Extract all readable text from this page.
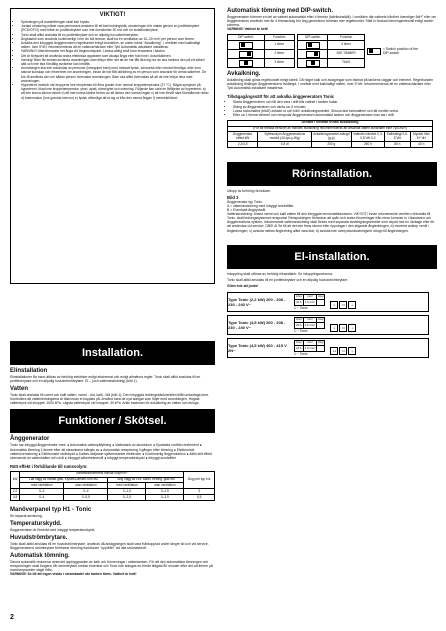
VIKTIGT!
• Spänningen på motarfetringen skall inte brytas.
• Jordad utrustning måste vara permanent ansluten till ett fast ledningsnät; utrustningen bör matas genom en jordfelsbrytare (RCD/GFCI) med både en jordfelsbrytare som inte överskrider 30 mA och en isolationsbrytare.
• Tonic skall alltid anslutas till en jordfelsbrytare och en allpolig huvudströmbrytare.
• Ångbastuh som används kontinuerligt i mer än två timmar, skall ha en ventilation av 10–20 m³/h per person som timme.
• Avkalka den inbyggda ånggeneratorn regelbundet enligt instruktion, se under rubrik "Avkalkning", i området med kalkhaltigt vatten, över 5°dH, rekommenderas att en vattenavhärdare eller Tylö Automatisk avkalkare installeras.
• VARNING! Utströmmande het ånga vid ångmunstycket. Lämna aldrig små barn ensamma i bastun.
• Det är förbjudet att använda andra elektriska apparater som akuaja ånga eller fukt inne i duschkabinen.
• Varning! Barn får endast använda anordningen utan tillsyn efter det att de har fått lära sig hur de ska hantera den på ett säkert sätt och inte fara förstålig avvikelse kan inträffa.
• Anordningen ska inte användas av personer (inbegripet barn) med nedsatt fysisk, sensorisk eller mental förmåga, eller som saknar kunskap och erfarenhet om anordningen, innan de har fått utbildning av en person som ansvarar för deras säkerhet. De bör få använda den om sådan person övervakar anordningen. Barn ska alltid övervakas så att de inte börjar leka med anordningen.
• Hypertermi innebär när kroppens inre temperatur bli flera grader över normal kroppstemperatur (37 °C). Några symptom på hypertermi: ökad inre kroppstemperatur, yrsel, apati, sömnighet och svimning. Följande kan vara en åtföljelse av hypertermi: a) att inte kunna känna värme b) att inte kunna känna behov av att lämna den varma lingan c) att inte förstå nära förestående risker d) fostermakor (hos gravida kvinnor) e) fysisk oförmåga att ta sig ut från den varma ångan f) medvetslöshet.
Installation.
Elinstallation

Elinstallationer får bara utföras av behörig elektriker enligt elschemat och enligt allmänna regler. Tonic skall alltid anslutas till en jordfelsbrytare och en allpolig huvudströmbrytare. El – (och vattenanslutning) (bild 1).

Vatten

Tonic skall anslutas till varmt och kallt vatten, varmt - röd, kallt - blå (bild 1). Den inbyggda ledningsbäckventilen tillåt undantaga form. Kontrollera att vattenledningarna är täta innan el kopplas på. Använd bara de nya slangar som följer med anordningen. Högsta vattentryck vid inloppet: 1000 kPa. Lägsta vattentryck vid inloppet: 30 kPa. Antis backman för avkalkning av vatten och avlopp.

Funktioner / Skötsel.
Ånggenerator

Tonic har inbyggd ånggenerator med: ● Automatisk vattenpåfyllning ● Vattentank av aluminium ● Syrafasta rostfria rörelement ● Automatisk tömning 1 timme efter att steamband stängts av ● Automatisk reseptering 4 gånger efter tömning ● Elektroniskt vattenövervakning ● Elektroniskt nivåskydd ● Kalkav-skiljande självrensande elektroder ● Kontinuerlig ångproduktion ● Alltid stilt effekt oberoende av vattenhalten och nivå ● Inbyggd säkerhetsventil ● Inbyggt temperaturskydd ● Inbyggt smutsfilter

Rätt effekt i förhållande till rumsvolym:
kW	Steambadrummets minsta volym m³				Ång prel kgr h/s
	Lätt vägg av härdat glas, Elysee/Daniem-rum etc.		Tung vägg av t.ex. kakel, betong, glas etc.		
	med ventilation	utan ventilation	med ventilation	utan ventilation	
2,2	0–3	0–4	0–1,5	0–2,5	3
4,5	0–4	0–5,5	0–2,5	0–3,5	5,5
Manöverpanel typ H1 - Tonic

Se separat anvisning.

Temperaturskydd.

Ånggeneratorn är försedd med inbyggt temperaturskydd.

Huvudströmbrytare.

Tonic skall alltid anslutas till en huvudströmbrytare, används då anläggningen skall vara frånkopplad under längre tid och vid service. Ånggeneratorns strömbrytare förhindrar tömning funktionen "uppifrån" vid alla strömavbrott.

Automatisk tömning.

Denna automatik reducerar avsevärt uppbyggnaden av kalk och föroreningar i vattentanken. För att den automatiska tömningen och renspolningen skall fungera, får strömbrytare mellan eluentral och Tonic inte stängas av förrän tidigast 80 minuter efter det att timern på manöverpanelen slagit ifrån.

VARNING! Se till att ingen vistas i steambadet när tanken töms. Vattnet är hett!

Automatisk tömning med DIP-switch.

Ånggeneratorn tömmer en del av vattnet automatiskt efter 4 timmar (fabriksinställt). I områden där vattnets hårdhet överstiger 5dH° eller om ånggeneratorn används mer än 4 timmar/dag bör ång-generatorn tömmas mer regelbundet. Ställ in önskad tömningsintervall enligt switch schema.

VARNING! Vattnet är hett!

DIP-switch	Function

	1 timer

	2 timer

	3 timer
DIP-switch	Function

	4 timer

	NIO TIMMER

	TAUS
= Switch position of the DIP-switch
Avkalkning.

Avkalkning skall göras regelbundet enligt tabell. Då högre kalk och avlagringar som fastnat på tankens väggar och element. Regelbunden avkalkning förlänger ånggeneratorns livslängd. I område med kalkhaltigt vatten, över 5°dH, rekommenderas att en vattenavhärdare eller Tylö Automatisk avkalkare installeras.

Tillvägagångssätt för att avkalka ånggeneratorn Tonic
• Starta ånggeneratorn och låt den vara i drift tills vattnet i tanken kokar.
• Stäng av ånggeneratorn och vänta ca: 5 minuter.
• Lossa locksmaltra (bild2) avtäckt ut och häll i avkalkningsmedlet. Skruva fast lockmaltern och tät medlet verka.
• Efter ca 1 timma tömmer och renspolar ånggeneratorn automatiskt tanken och ånggeneratorn kan tas i drift.
Drifttid i timmar innan avkalkning					
(För att minska behovet av manuell avkalkning rekommenderas att använda vatten avhärdare eller Tylö:AVR)					
Ånggenerator effekt kW	Syftesvolym Ånggeneratorns modell (40-tyd-p-Wg)	Avkalkningsmedel-mängd (g-p)	Vattnets hårdhet 0,3-0,6°dH 0-2	Kalkhaltigt 0,6-5°dH	Mycket hårt 5+°dH
2,2/4,5	5,8 dl	250 g	250 h	80 h	40 h
Rörinstallation.

Utlopp av behörig rörmokare.

Bild 3

Ånggenerator typ Tonic.

A = vattenanslutning med inbyggt smutsfilter.

B = Eventualt ångtrycksfil.

Vattenanslutning: Anslut varmt och kallt vatten till den inbyggda termostatblandaren. VIKTIGT! Innan rekommende ventilen rörinstalla till Tonic, skall ledningssystemet renspolas! Renspolningen förhindrar att spån och andra föroreningar från rören kommer in i blandaren och ånggenerations system. Inkommande vattenanslutning skall förses med separata avstängningsventiler som skydd mot ev. läckage eller för att användas vid service. OBS! Ai Se till att det inte finns rännor eller öppningar i den stigande ångledningen, b) montera antiorp ventil i ångledningen, c) avsluta mellan ångledning alltid vara klar, d) avsluta inte överlyckuskvatningsrör utlopp till ångledningen.

El-installation.

Inkoppling skall utföras av behörig elinstallatör. Se inkopplingsschema.

Tonic skall alltid anslutas till en jordfelsbrytare och en allpolig huvudströmbrytare.

Glöm inte att jorda!

Type Tonic (2,2 kW) 200 - 208 - 230 - 240 V~
Amp	mm²	Awg
10 A	1,5 mm²	
1 ~ Tonic
L N ⏚
Type Tonic (4,5 kW) 200 - 208 - 230 - 240 V~
Amp	mm²	Awg
20 A	2,5 mm²	
1 ~ Tonic
L N ⏚
Type Tonic (4,5 kW) 400 - 415 V 2N~
Amp	mm²	Awg
16 A	1,5 mm²	
1 ~ Tonic
L1 N ⏚
2
